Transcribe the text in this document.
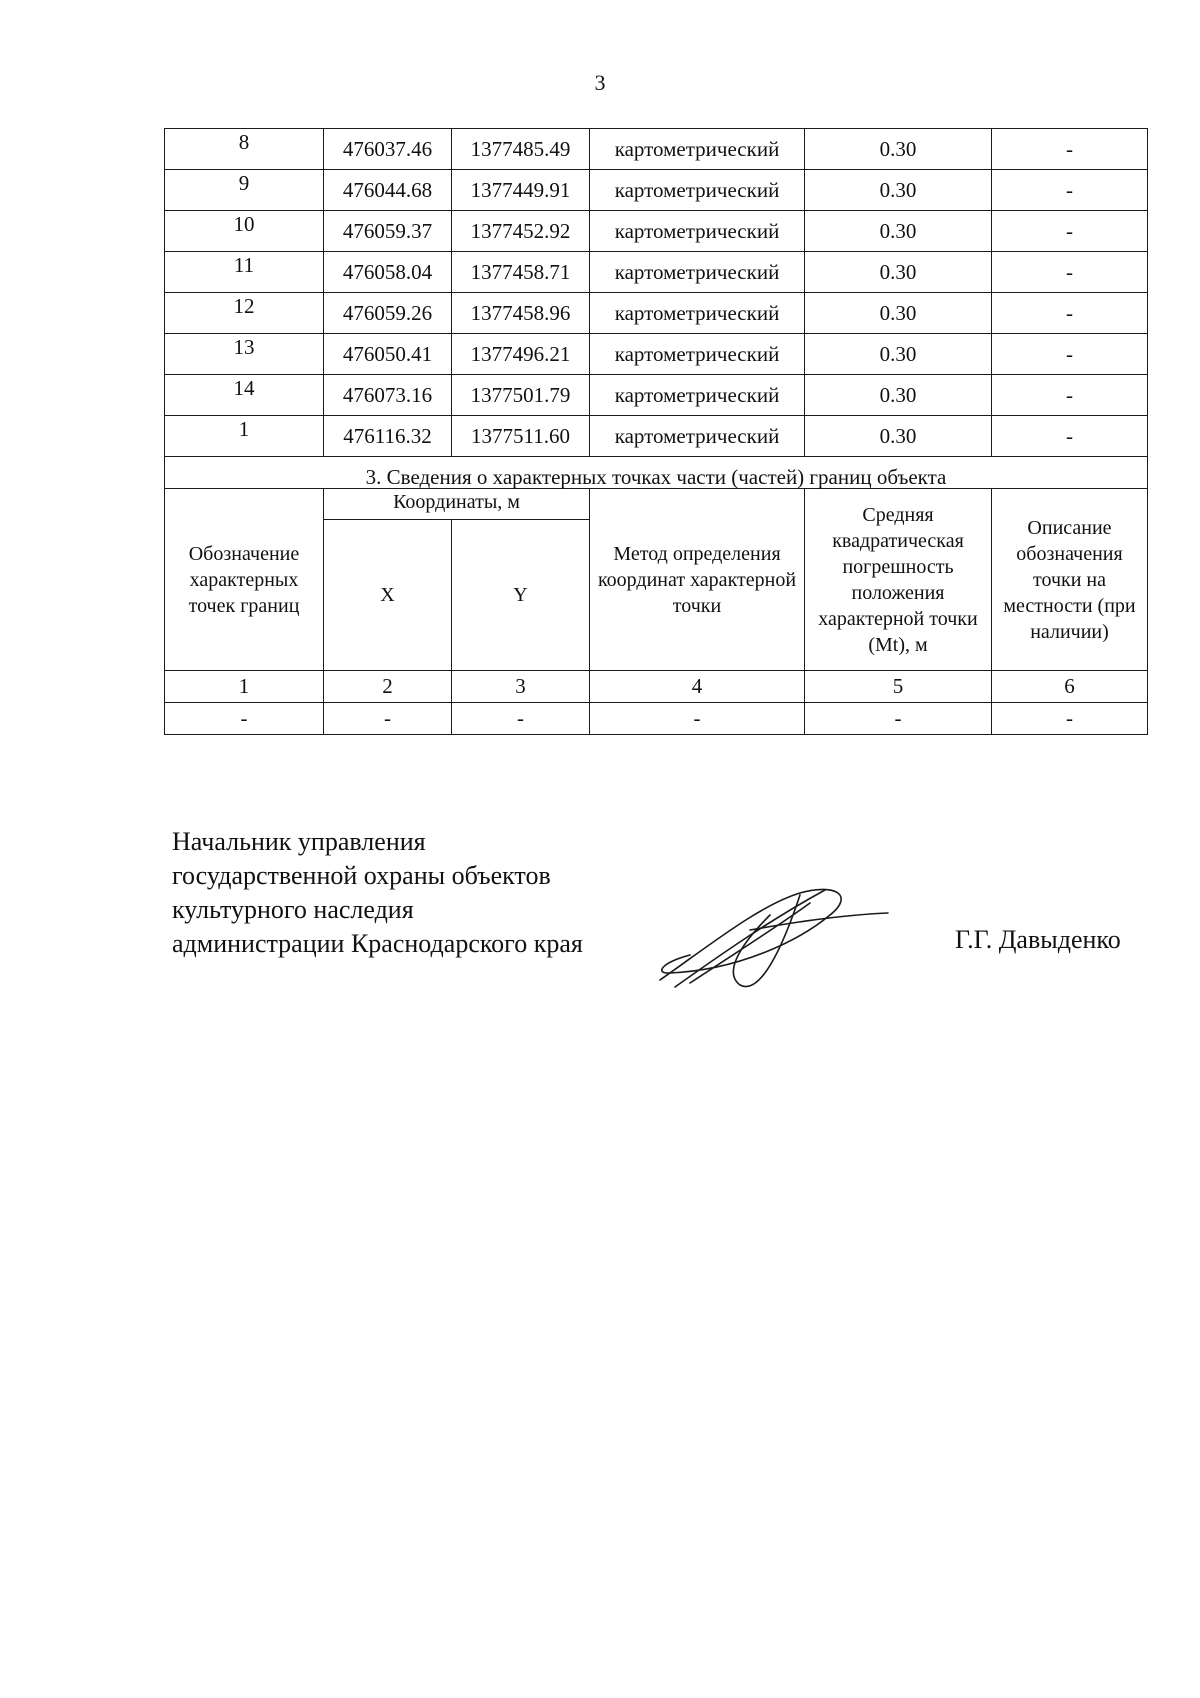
3
8	476037.46	1377485.49	картометрический	0.30	-
9	476044.68	1377449.91	картометрический	0.30	-
10	476059.37	1377452.92	картометрический	0.30	-
11	476058.04	1377458.71	картометрический	0.30	-
12	476059.26	1377458.96	картометрический	0.30	-
13	476050.41	1377496.21	картометрический	0.30	-
14	476073.16	1377501.79	картометрический	0.30	-
1	476116.32	1377511.60	картометрический	0.30	-
3. Сведения о характерных точках части (частей) границ объекта					
Обозначение характерных точек границ	Координаты, м		Метод определения координат характерной точки	Средняя квадратическая погрешность положения характерной точки (Mt), м	Описание обозначения точки на местности (при наличии)
	X	Y			
1	2	3	4	5	6
-	-	-	-	-	-
Начальник управления
государственной охраны объектов
культурного наследия
администрации Краснодарского края	Г.Г. Давыденко
